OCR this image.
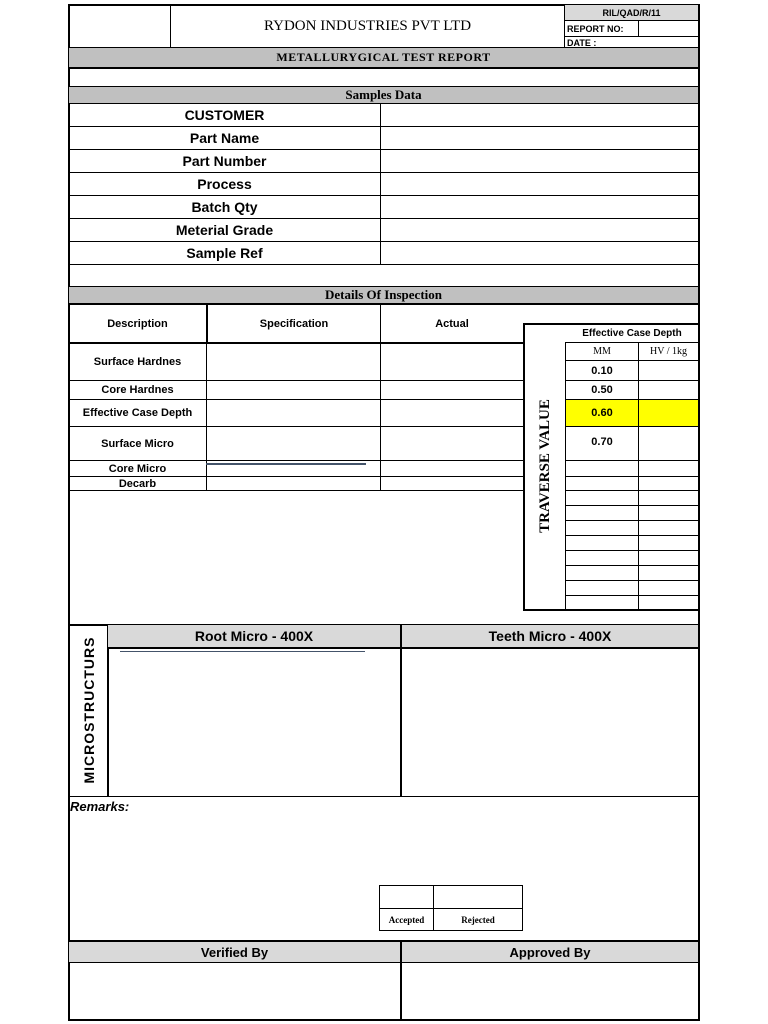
RYDON INDUSTRIES PVT LTD
RIL/QAD/R/11
REPORT NO:
DATE :
METALLURYGICAL TEST REPORT
Samples Data
CUSTOMER
Part Name
Part Number
Process
Batch Qty
Meterial Grade
Sample Ref
Details Of Inspection
Description	Specification	Actual
Surface Hardnes
Core Hardnes
Effective Case Depth
Surface Micro
Core Micro
Decarb
Effective Case Depth
MM	HV / 1kg
0.10
0.50
0.60
0.70
TRAVERSE VALUE
Root Micro - 400X	Teeth Micro - 400X
MICROSTRUCTURS
Remarks:
Accepted	Rejected
Verified By	Approved By
